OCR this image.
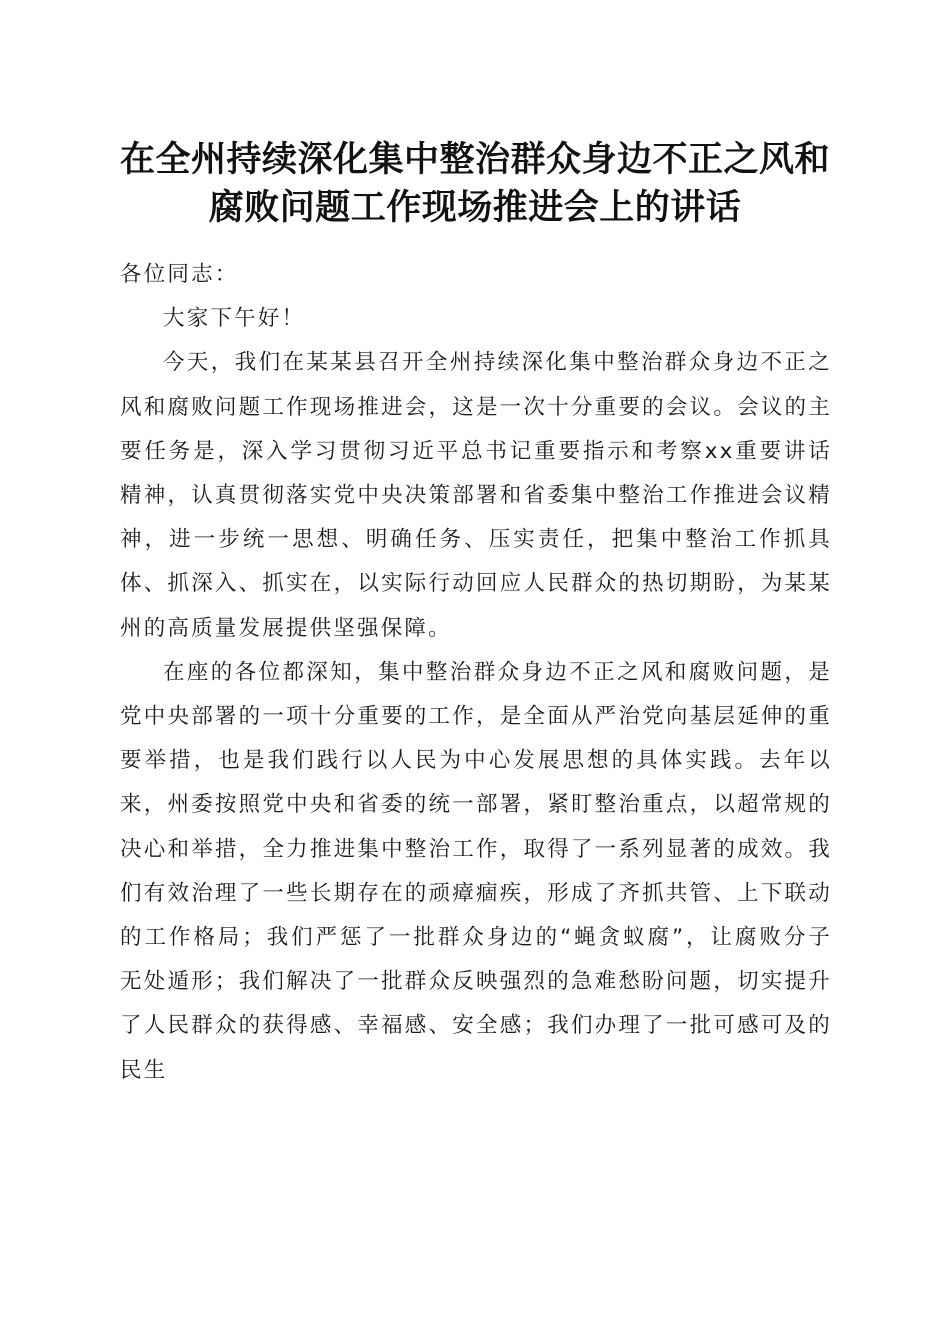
在全州持续深化集中整治群众身边不正之风和
腐败问题工作现场推进会上的讲话

各位同志：

大家下午好！

今天，我们在某某县召开全州持续深化集中整治群众身边不正之风和腐败问题工作现场推进会，这是一次十分重要的会议。会议的主要任务是，深入学习贯彻习近平总书记重要指示和考察xx重要讲话精神，认真贯彻落实党中央决策部署和省委集中整治工作推进会议精神，进一步统一思想、明确任务、压实责任，把集中整治工作抓具体、抓深入、抓实在，以实际行动回应人民群众的热切期盼，为某某州的高质量发展提供坚强保障。

在座的各位都深知，集中整治群众身边不正之风和腐败问题，是党中央部署的一项十分重要的工作，是全面从严治党向基层延伸的重要举措，也是我们践行以人民为中心发展思想的具体实践。去年以来，州委按照党中央和省委的统一部署，紧盯整治重点，以超常规的决心和举措，全力推进集中整治工作，取得了一系列显著的成效。我们有效治理了一些长期存在的顽瘴痼疾，形成了齐抓共管、上下联动的工作格局；我们严惩了一批群众身边的“蝇贪蚁腐”，让腐败分子无处遁形；我们解决了一批群众反映强烈的急难愁盼问题，切实提升了人民群众的获得感、幸福感、安全感；我们办理了一批可感可及的民生
